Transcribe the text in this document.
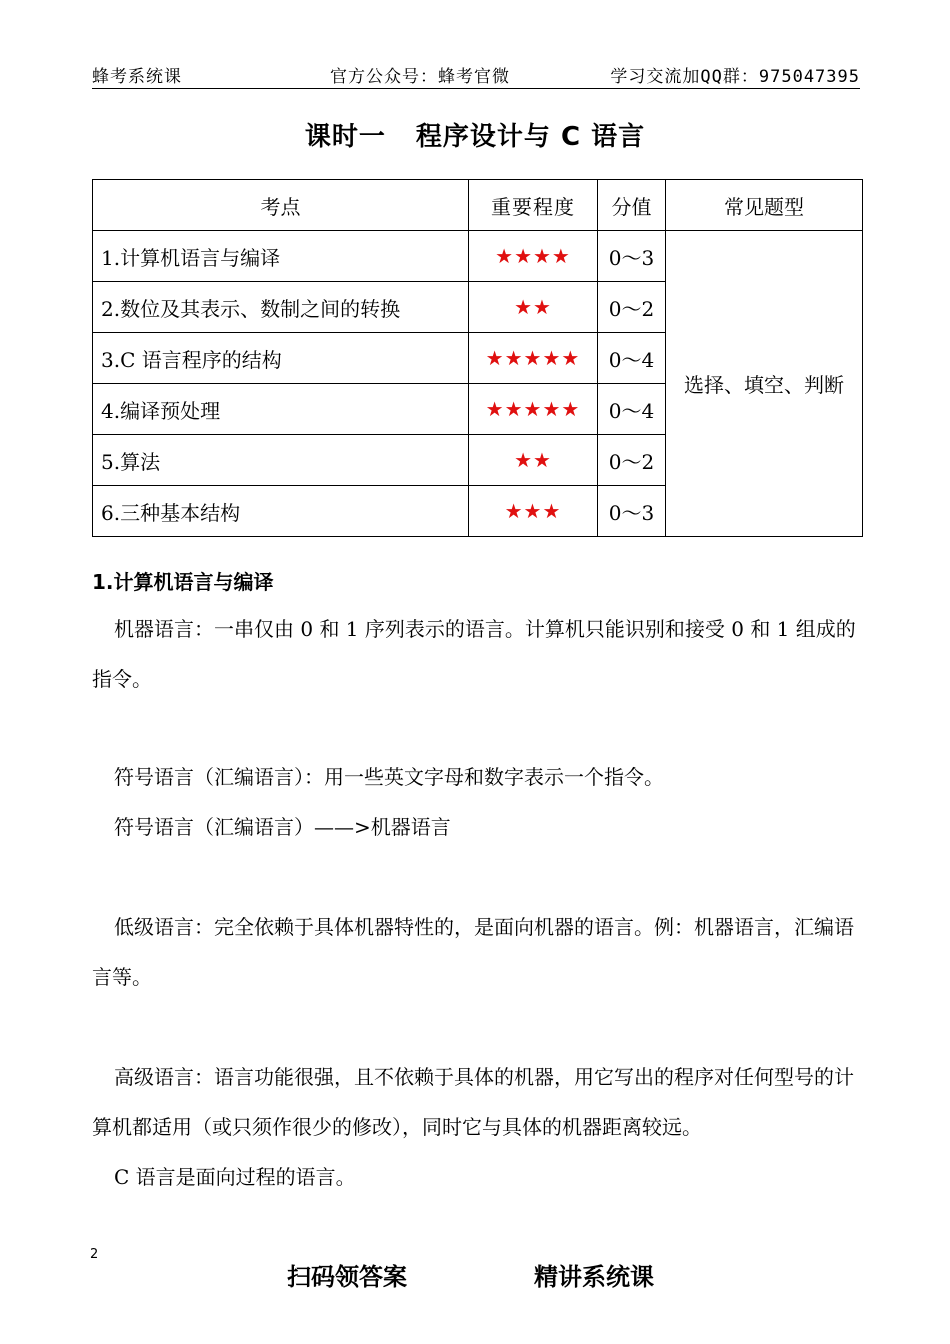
蜂考系统课	官方公众号：蜂考官微	学习交流加QQ群：975047395
课时一 程序设计与 C 语言
考点	重要程度	分值	常见题型
1.计算机语言与编译	★★★★	0～3	选择、填空、判断
2.数位及其表示、数制之间的转换	★★	0～2	
3.C 语言程序的结构	★★★★★	0～4	
4.编译预处理	★★★★★	0～4	
5.算法	★★	0～2	
6.三种基本结构	★★★	0～3	
1.计算机语言与编译
机器语言：一串仅由 0 和 1 序列表示的语言。计算机只能识别和接受 0 和 1 组成的指令。
符号语言（汇编语言）：用一些英文字母和数字表示一个指令。
符号语言（汇编语言）——>机器语言
低级语言：完全依赖于具体机器特性的，是面向机器的语言。例：机器语言，汇编语言等。
高级语言：语言功能很强，且不依赖于具体的机器，用它写出的程序对任何型号的计算机都适用（或只须作很少的修改），同时它与具体的机器距离较远。
C 语言是面向过程的语言。
2
扫码领答案	精讲系统课
